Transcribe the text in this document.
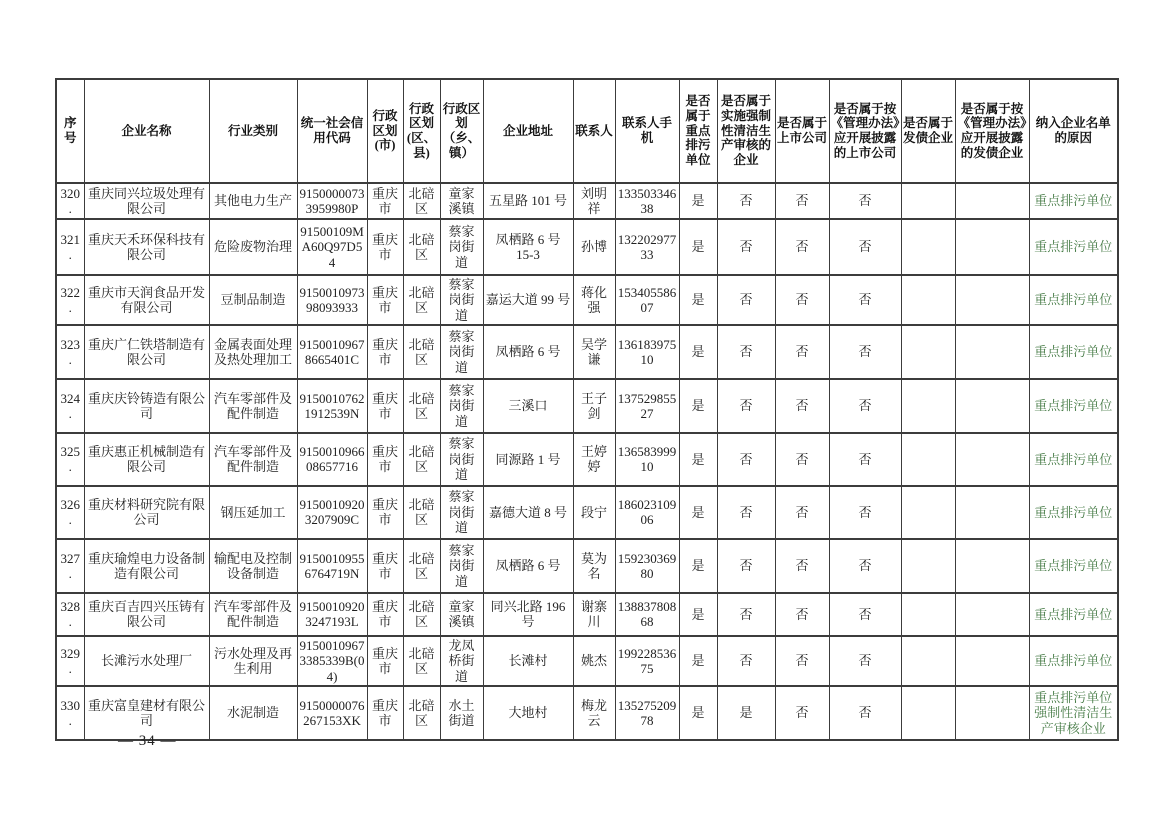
序号	企业名称	行业类别	统一社会信用代码	行政区划(市)	行政区划(区、县)	行政区划（乡、镇）	企业地址	联系人	联系人手机	是否属于重点排污单位	是否属于实施强制性清洁生产审核的企业	是否属于上市公司	是否属于按《管理办法》应开展披露的上市公司	是否属于发债企业	是否属于按《管理办法》应开展披露的发债企业	纳入企业名单的原因
320.	重庆同兴垃圾处理有限公司	其他电力生产	91500000733959980P	重庆市	北碚区	童家溪镇	五星路 101 号	刘明祥	13350334638	是	否	否	否			重点排污单位
321.	重庆天禾环保科技有限公司	危险废物治理	91500109MA60Q97D54	重庆市	北碚区	蔡家岗街道	凤栖路 6 号 15-3	孙博	13220297733	是	否	否	否			重点排污单位
322.	重庆市天润食品开发有限公司	豆制品制造	915001097398093933	重庆市	北碚区	蔡家岗街道	嘉运大道 99 号	蒋化强	15340558607	是	否	否	否			重点排污单位
323.	重庆广仁铁塔制造有限公司	金属表面处理及热处理加工	91500109678665401C	重庆市	北碚区	蔡家岗街道	凤栖路 6 号	吴学谦	13618397510	是	否	否	否			重点排污单位
324.	重庆庆铃铸造有限公司	汽车零部件及配件制造	91500107621912539N	重庆市	北碚区	蔡家岗街道	三溪口	王子剑	13752985527	是	否	否	否			重点排污单位
325.	重庆惠正机械制造有限公司	汽车零部件及配件制造	915001096608657716	重庆市	北碚区	蔡家岗街道	同源路 1 号	王婷婷	13658399910	是	否	否	否			重点排污单位
326.	重庆材料研究院有限公司	钢压延加工	91500109203207909C	重庆市	北碚区	蔡家岗街道	嘉德大道 8 号	段宁	18602310906	是	否	否	否			重点排污单位
327.	重庆瑜煌电力设备制造有限公司	输配电及控制设备制造	91500109556764719N	重庆市	北碚区	蔡家岗街道	凤栖路 6 号	莫为名	15923036980	是	否	否	否			重点排污单位
328.	重庆百吉四兴压铸有限公司	汽车零部件及配件制造	91500109203247193L	重庆市	北碚区	童家溪镇	同兴北路 196 号	谢寨川	13883780868	是	否	否	否			重点排污单位
329.	长滩污水处理厂	污水处理及再生利用	91500109673385339B(04)	重庆市	北碚区	龙凤桥街道	长滩村	姚杰	19922853675	是	否	否	否			重点排污单位
330.	重庆富皇建材有限公司	水泥制造	9150000076267153XK	重庆市	北碚区	水土街道	大地村	梅龙云	13527520978	是	是	否	否			重点排污单位强制性清洁生产审核企业
— 34 —
